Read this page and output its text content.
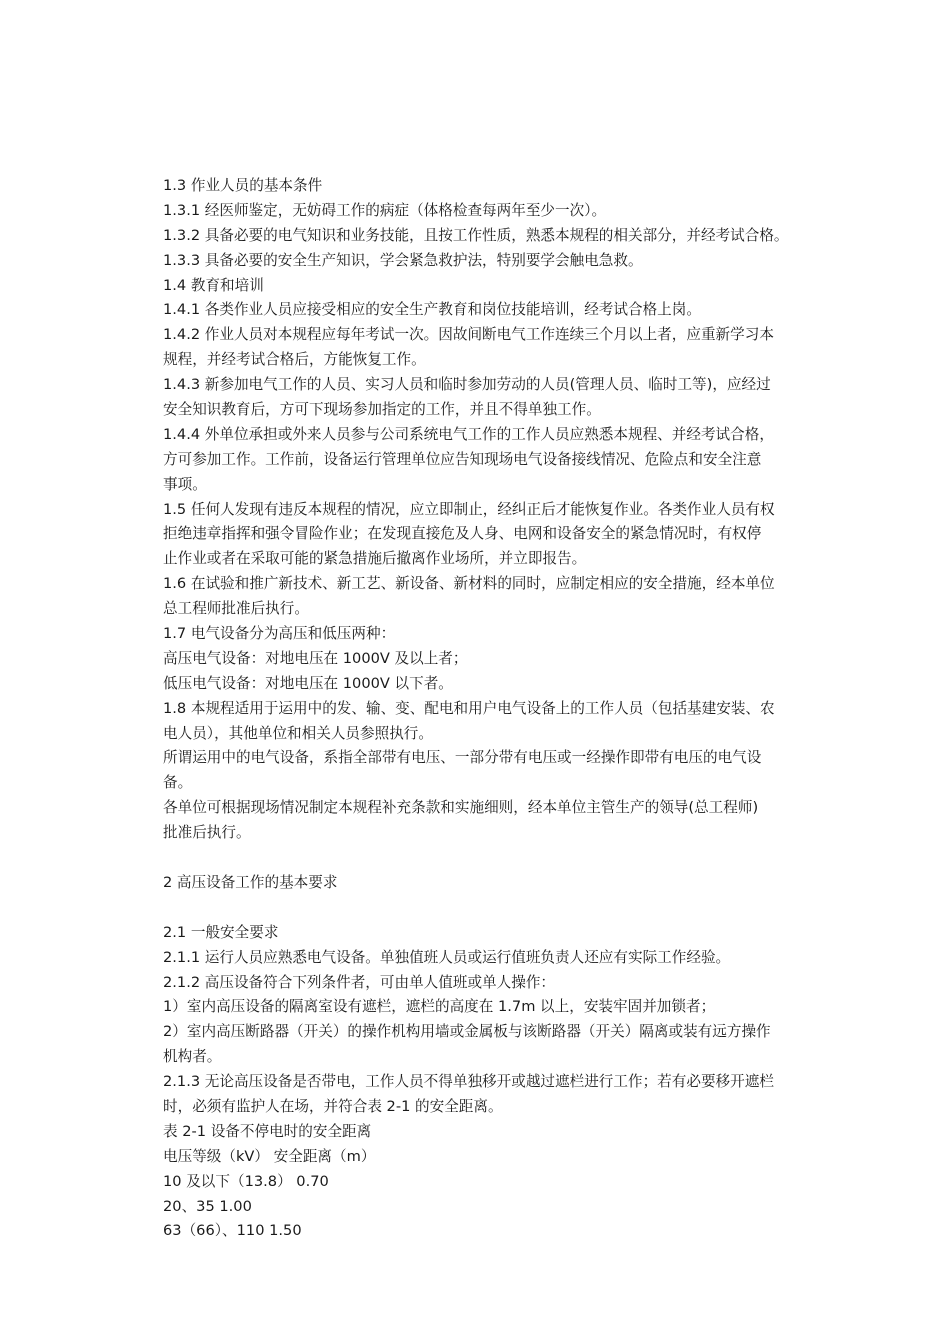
1.3 作业人员的基本条件
1.3.1 经医师鉴定，无妨碍工作的病症（体格检查每两年至少一次）。
1.3.2 具备必要的电气知识和业务技能，且按工作性质，熟悉本规程的相关部分，并经考试合格。
1.3.3 具备必要的安全生产知识，学会紧急救护法，特别要学会触电急救。
1.4 教育和培训
1.4.1 各类作业人员应接受相应的安全生产教育和岗位技能培训，经考试合格上岗。
1.4.2 作业人员对本规程应每年考试一次。因故间断电气工作连续三个月以上者，应重新学习本
规程，并经考试合格后，方能恢复工作。
1.4.3 新参加电气工作的人员、实习人员和临时参加劳动的人员(管理人员、临时工等)，应经过
安全知识教育后，方可下现场参加指定的工作，并且不得单独工作。
1.4.4 外单位承担或外来人员参与公司系统电气工作的工作人员应熟悉本规程、并经考试合格，
方可参加工作。工作前，设备运行管理单位应告知现场电气设备接线情况、危险点和安全注意
事项。
1.5 任何人发现有违反本规程的情况，应立即制止，经纠正后才能恢复作业。各类作业人员有权
拒绝违章指挥和强令冒险作业；在发现直接危及人身、电网和设备安全的紧急情况时，有权停
止作业或者在采取可能的紧急措施后撤离作业场所，并立即报告。
1.6 在试验和推广新技术、新工艺、新设备、新材料的同时，应制定相应的安全措施，经本单位
总工程师批准后执行。
1.7 电气设备分为高压和低压两种：
高压电气设备：对地电压在 1000V 及以上者；
低压电气设备：对地电压在 1000V 以下者。
1.8 本规程适用于运用中的发、输、变、配电和用户电气设备上的工作人员（包括基建安装、农
电人员），其他单位和相关人员参照执行。
所谓运用中的电气设备，系指全部带有电压、一部分带有电压或一经操作即带有电压的电气设
备。
各单位可根据现场情况制定本规程补充条款和实施细则，经本单位主管生产的领导(总工程师)
批准后执行。
2 高压设备工作的基本要求
2.1 一般安全要求
2.1.1 运行人员应熟悉电气设备。单独值班人员或运行值班负责人还应有实际工作经验。
2.1.2 高压设备符合下列条件者，可由单人值班或单人操作：
1）室内高压设备的隔离室设有遮栏，遮栏的高度在 1.7m 以上，安装牢固并加锁者；
2）室内高压断路器（开关）的操作机构用墙或金属板与该断路器（开关）隔离或装有远方操作
机构者。
2.1.3 无论高压设备是否带电，工作人员不得单独移开或越过遮栏进行工作；若有必要移开遮栏
时，必须有监护人在场，并符合表 2-1 的安全距离。
表 2-1 设备不停电时的安全距离
电压等级（kV） 安全距离（m）
10 及以下（13.8） 0.70
20、35 1.00
63（66）、110 1.50
